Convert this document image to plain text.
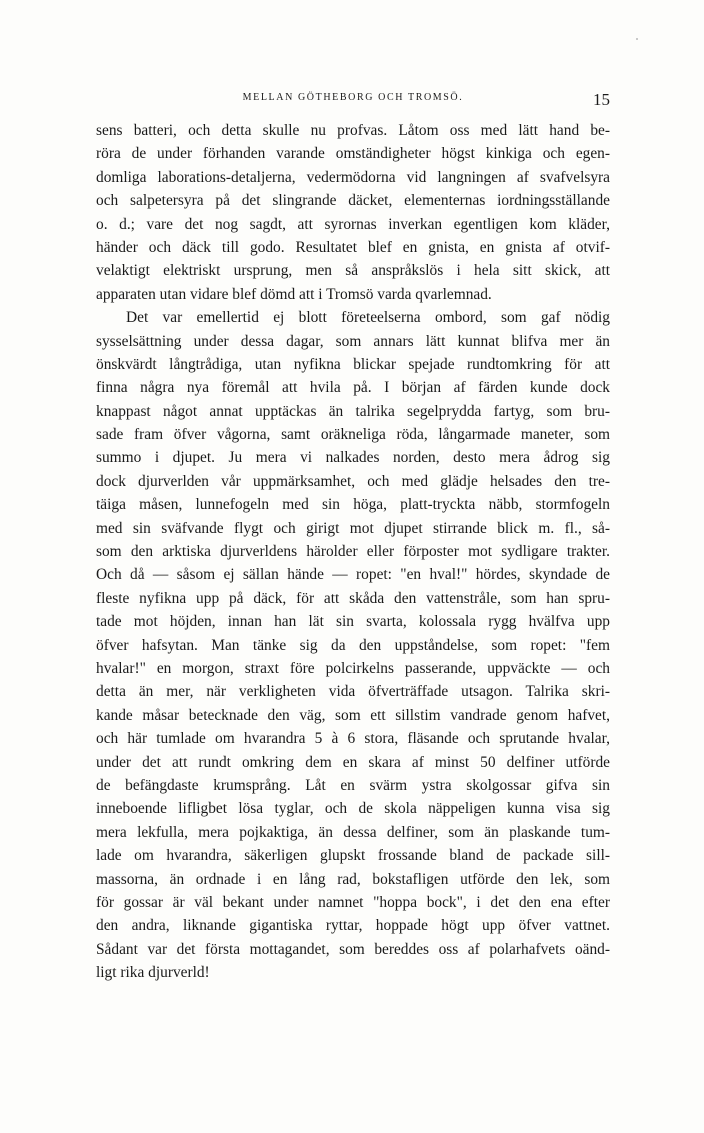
MELLAN GÖTHEBORG OCH TROMSÖ.	15
sens batteri, och detta skulle nu profvas. Låtom oss med lätt hand be-
röra de under förhanden varande omständigheter högst kinkiga och egen-
domliga laborations-detaljerna, vedermödorna vid langningen af svafvelsyra
och salpetersyra på det slingrande däcket, elementernas iordningsställande
o. d.; vare det nog sagdt, att syrornas inverkan egentligen kom kläder,
händer och däck till godo. Resultatet blef en gnista, en gnista af otvif-
velaktigt elektriskt ursprung, men så anspråkslös i hela sitt skick, att
apparaten utan vidare blef dömd att i Tromsö varda qvarlemnad.
Det var emellertid ej blott företeelserna ombord, som gaf nödig
sysselsättning under dessa dagar, som annars lätt kunnat blifva mer än
önskvärdt långtrådiga, utan nyfikna blickar spejade rundtomkring för att
finna några nya föremål att hvila på. I början af färden kunde dock
knappast något annat upptäckas än talrika segelprydda fartyg, som bru-
sade fram öfver vågorna, samt oräkneliga röda, långarmade maneter, som
summo i djupet. Ju mera vi nalkades norden, desto mera ådrog sig
dock djurverlden vår uppmärksamhet, och med glädje helsades den tre-
täiga måsen, lunnefogeln med sin höga, platt-tryckta näbb, stormfogeln
med sin sväfvande flygt och girigt mot djupet stirrande blick m. fl., så-
som den arktiska djurverldens härolder eller förposter mot sydligare trakter.
Och då — såsom ej sällan hände — ropet: "en hval!" hördes, skyndade de
fleste nyfikna upp på däck, för att skåda den vattenstråle, som han spru-
tade mot höjden, innan han lät sin svarta, kolossala rygg hvälfva upp
öfver hafsytan. Man tänke sig da den uppståndelse, som ropet: "fem
hvalar!" en morgon, straxt före polcirkelns passerande, uppväckte — och
detta än mer, när verkligheten vida öfverträffade utsagon. Talrika skri-
kande måsar betecknade den väg, som ett sillstim vandrade genom hafvet,
och här tumlade om hvarandra 5 à 6 stora, fläsande och sprutande hvalar,
under det att rundt omkring dem en skara af minst 50 delfiner utförde
de befängdaste krumsprång. Låt en svärm ystra skolgossar gifva sin
inneboende lifligbet lösa tyglar, och de skola näppeligen kunna visa sig
mera lekfulla, mera pojkaktiga, än dessa delfiner, som än plaskande tum-
lade om hvarandra, säkerligen glupskt frossande bland de packade sill-
massorna, än ordnade i en lång rad, bokstafligen utförde den lek, som
för gossar är väl bekant under namnet "hoppa bock", i det den ena efter
den andra, liknande gigantiska ryttar, hoppade högt upp öfver vattnet.
Sådant var det första mottagandet, som bereddes oss af polarhafvets oänd-
ligt rika djurverld!
